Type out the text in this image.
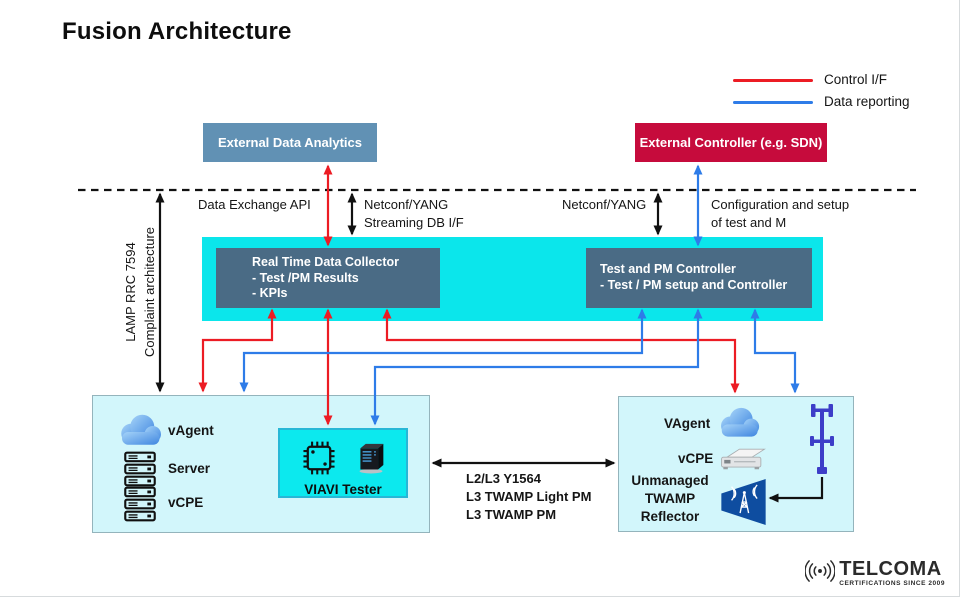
Fusion Architecture
Control I/F
Data reporting
External Data Analytics	External Controller (e.g. SDN)
Data Exchange API	Netconf/YANG
Streaming DB I/F
Netconf/YANG	Configuration and setup
of test and M
LAMP RRC 7594 Complaint architecture	Real Time Data Collector
- Test /PM Results
- KPIs
Test and PM Controller
- Test / PM setup and Controller
vAgent
Server
vCPE
VIAVI Tester
L2/L3 Y1564
L3 TWAMP Light PM
L3 TWAMP PM
VAgent
vCPE
Unmanaged
TWAMP
Reflector
TELCOMA
CERTIFICATIONS SINCE 2009
